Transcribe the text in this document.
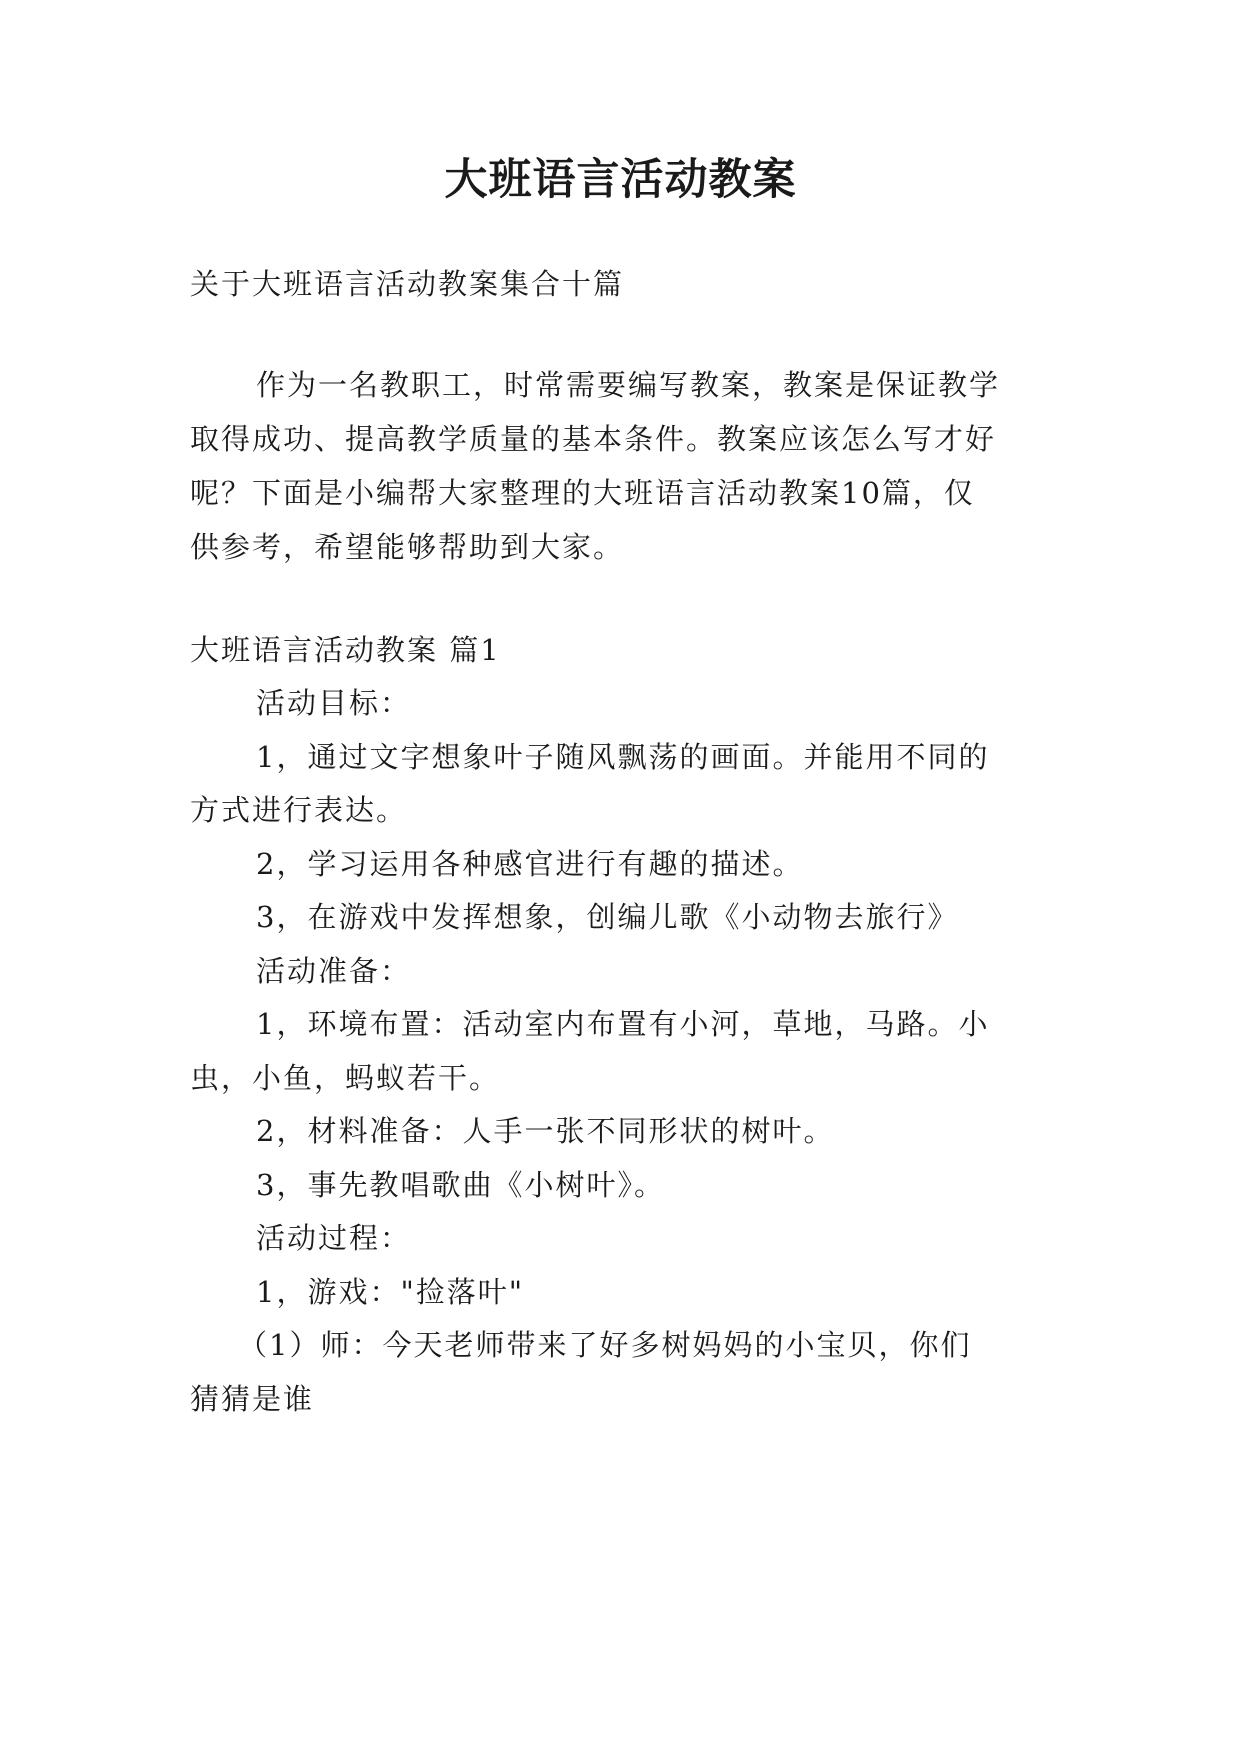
大班语言活动教案

关于大班语言活动教案集合十篇

作为一名教职工，时常需要编写教案，教案是保证教学

取得成功、提高教学质量的基本条件。教案应该怎么写才好

呢？下面是小编帮大家整理的大班语言活动教案10篇，仅

供参考，希望能够帮助到大家。

大班语言活动教案 篇1

活动目标：

1，通过文字想象叶子随风飘荡的画面。并能用不同的

方式进行表达。

2，学习运用各种感官进行有趣的描述。

3，在游戏中发挥想象，创编儿歌《小动物去旅行》

活动准备：

1，环境布置：活动室内布置有小河，草地，马路。小

虫，小鱼，蚂蚁若干。

2，材料准备：人手一张不同形状的树叶。

3，事先教唱歌曲《小树叶》。

活动过程：

1，游戏："捡落叶"

（1）师：今天老师带来了好多树妈妈的小宝贝，你们

猜猜是谁
